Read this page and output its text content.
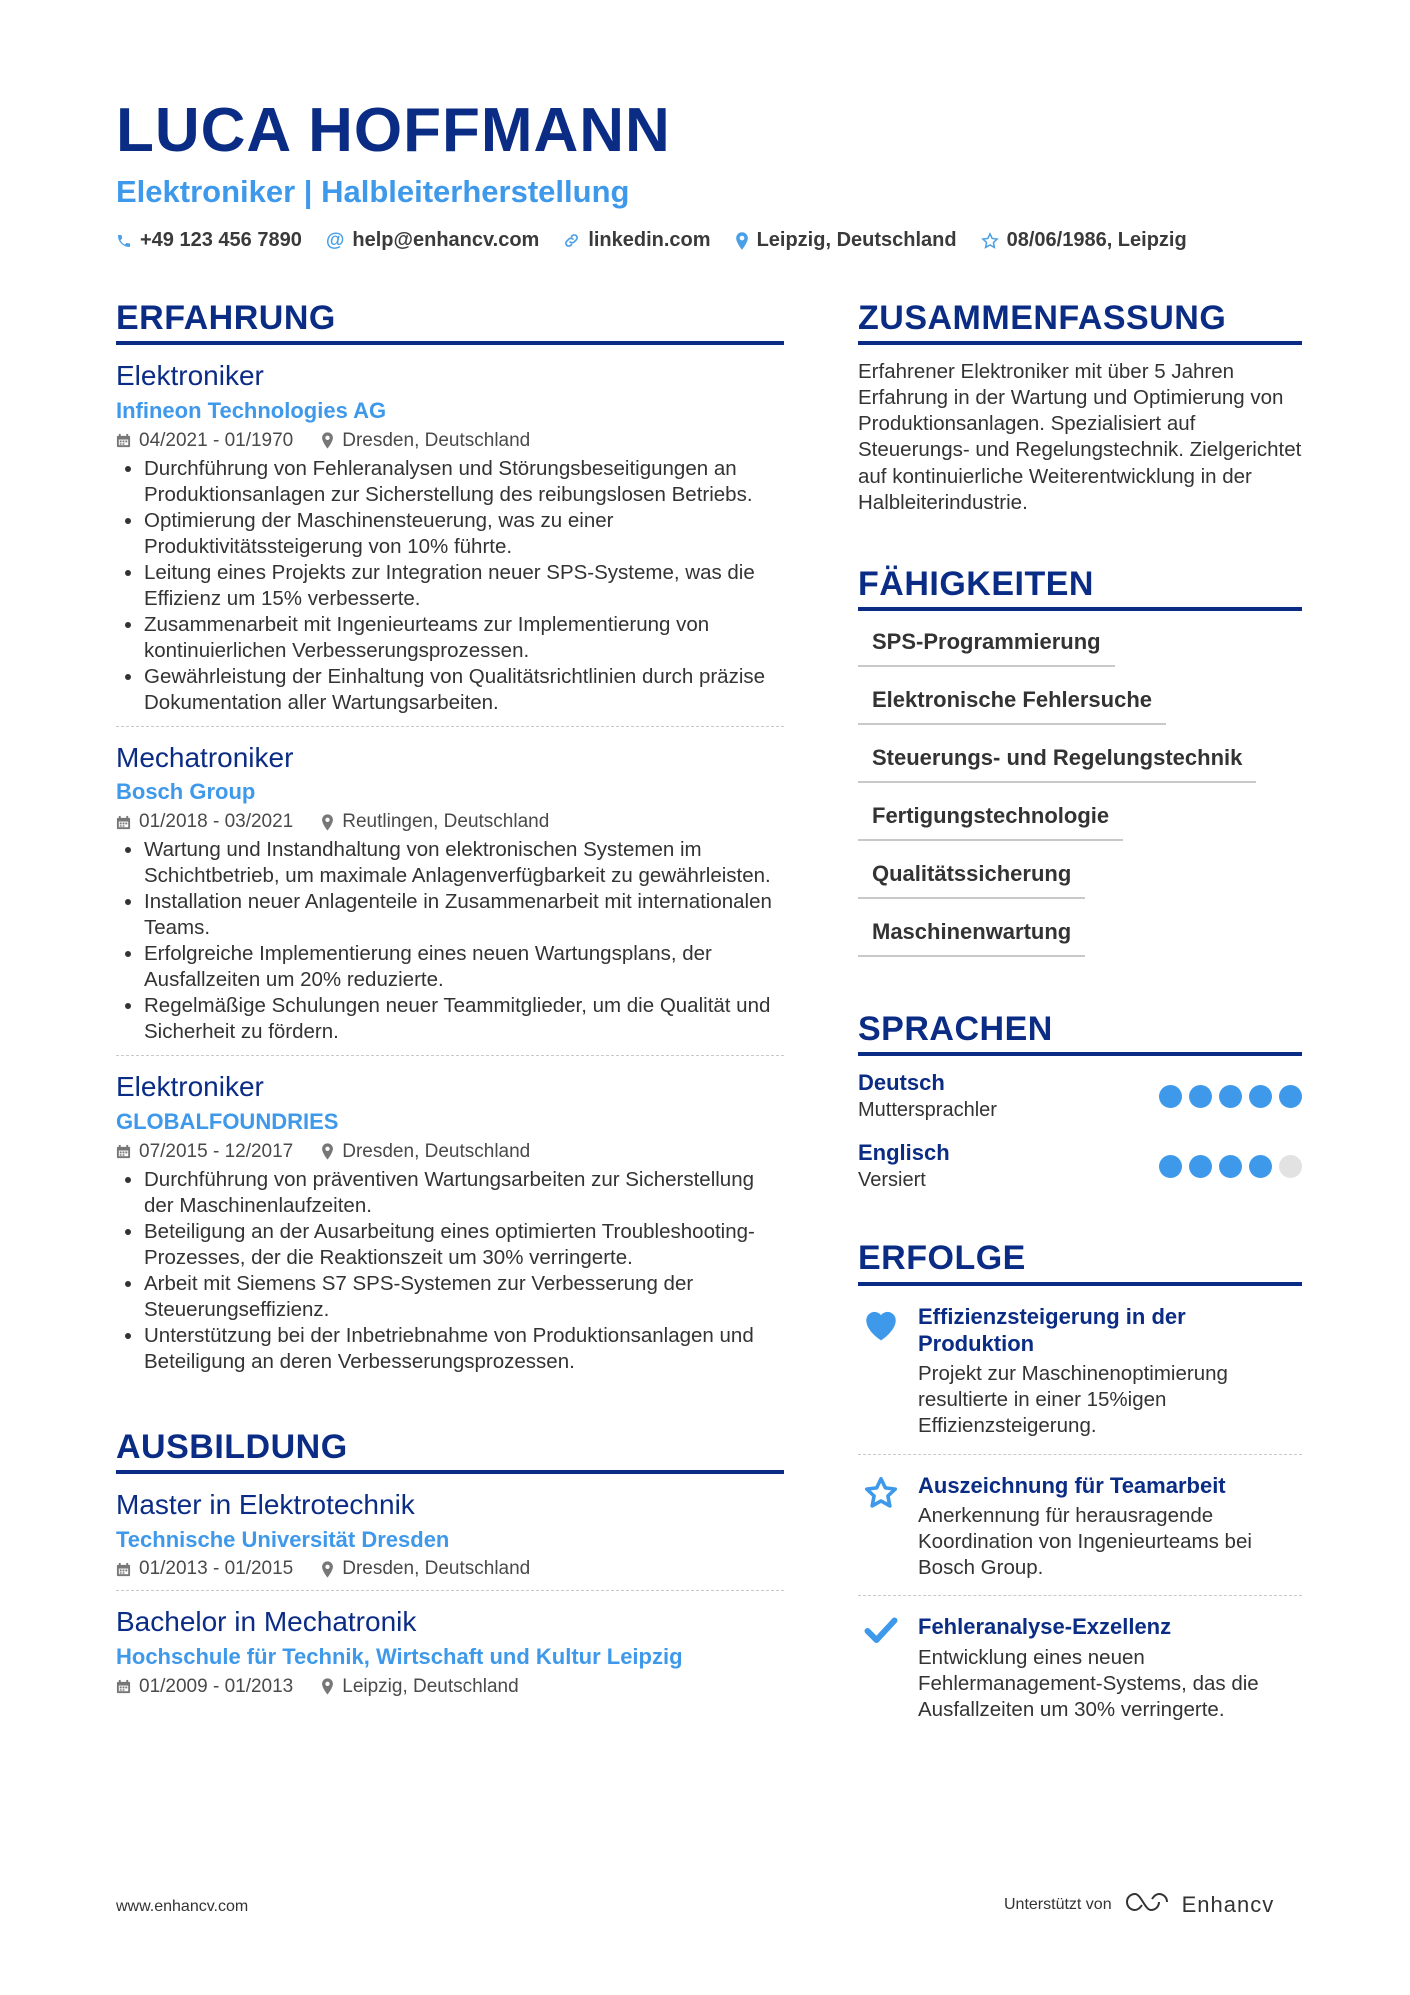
LUCA HOFFMANN
Elektroniker | Halbleiterherstellung
+49 123 456 7890 @ help@enhancv.com linkedin.com Leipzig, Deutschland	08/06/1986, Leipzig
ERFAHRUNG
Elektroniker
Infineon Technologies AG
04/2021 - 01/1970	Dresden, Deutschland
• Durchführung von Fehleranalysen und Störungsbeseitigungen an Produktionsanlagen zur Sicherstellung des reibungslosen Betriebs.
• Optimierung der Maschinensteuerung, was zu einer Produktivitätssteigerung von 10% führte.
• Leitung eines Projekts zur Integration neuer SPS-Systeme, was die Effizienz um 15% verbesserte.
• Zusammenarbeit mit Ingenieurteams zur Implementierung von kontinuierlichen Verbesserungsprozessen.
• Gewährleistung der Einhaltung von Qualitätsrichtlinien durch präzise Dokumentation aller Wartungsarbeiten.
Mechatroniker
Bosch Group
01/2018 - 03/2021	Reutlingen, Deutschland
• Wartung und Instandhaltung von elektronischen Systemen im Schichtbetrieb, um maximale Anlagenverfügbarkeit zu gewährleisten.
• Installation neuer Anlagenteile in Zusammenarbeit mit internationalen Teams.
• Erfolgreiche Implementierung eines neuen Wartungsplans, der Ausfallzeiten um 20% reduzierte.
• Regelmäßige Schulungen neuer Teammitglieder, um die Qualität und Sicherheit zu fördern.
Elektroniker
GLOBALFOUNDRIES
07/2015 - 12/2017	Dresden, Deutschland
• Durchführung von präventiven Wartungsarbeiten zur Sicherstellung der Maschinenlaufzeiten.
• Beteiligung an der Ausarbeitung eines optimierten Troubleshooting-Prozesses, der die Reaktionszeit um 30% verringerte.
• Arbeit mit Siemens S7 SPS-Systemen zur Verbesserung der Steuerungseffizienz.
• Unterstützung bei der Inbetriebnahme von Produktionsanlagen und Beteiligung an deren Verbesserungsprozessen.
AUSBILDUNG
Master in Elektrotechnik
Technische Universität Dresden
01/2013 - 01/2015	Dresden, Deutschland
Bachelor in Mechatronik
Hochschule für Technik, Wirtschaft und Kultur Leipzig
01/2009 - 01/2013	Leipzig, Deutschland
ZUSAMMENFASSUNG

Erfahrener Elektroniker mit über 5 Jahren Erfahrung in der Wartung und Optimierung von Produktionsanlagen. Spezialisiert auf Steuerungs- und Regelungstechnik. Zielgerichtet auf kontinuierliche Weiterentwicklung in der Halbleiterindustrie.

FÄHIGKEITEN
SPS-Programmierung
Elektronische Fehlersuche
Steuerungs- und Regelungstechnik
Fertigungstechnologie
Qualitätssicherung
Maschinenwartung
SPRACHEN
Deutsch
Muttersprachler
Englisch
Versiert
ERFOLGE
Effizienzsteigerung in der Produktion
Projekt zur Maschinenoptimierung resultierte in einer 15%igen Effizienzsteigerung.
Auszeichnung für Teamarbeit
Anerkennung für herausragende Koordination von Ingenieurteams bei Bosch Group.
Fehleranalyse-Exzellenz
Entwicklung eines neuen Fehlermanagement-Systems, das die Ausfallzeiten um 30% verringerte.
www.enhancv.com	Unterstützt von	Enhancv
